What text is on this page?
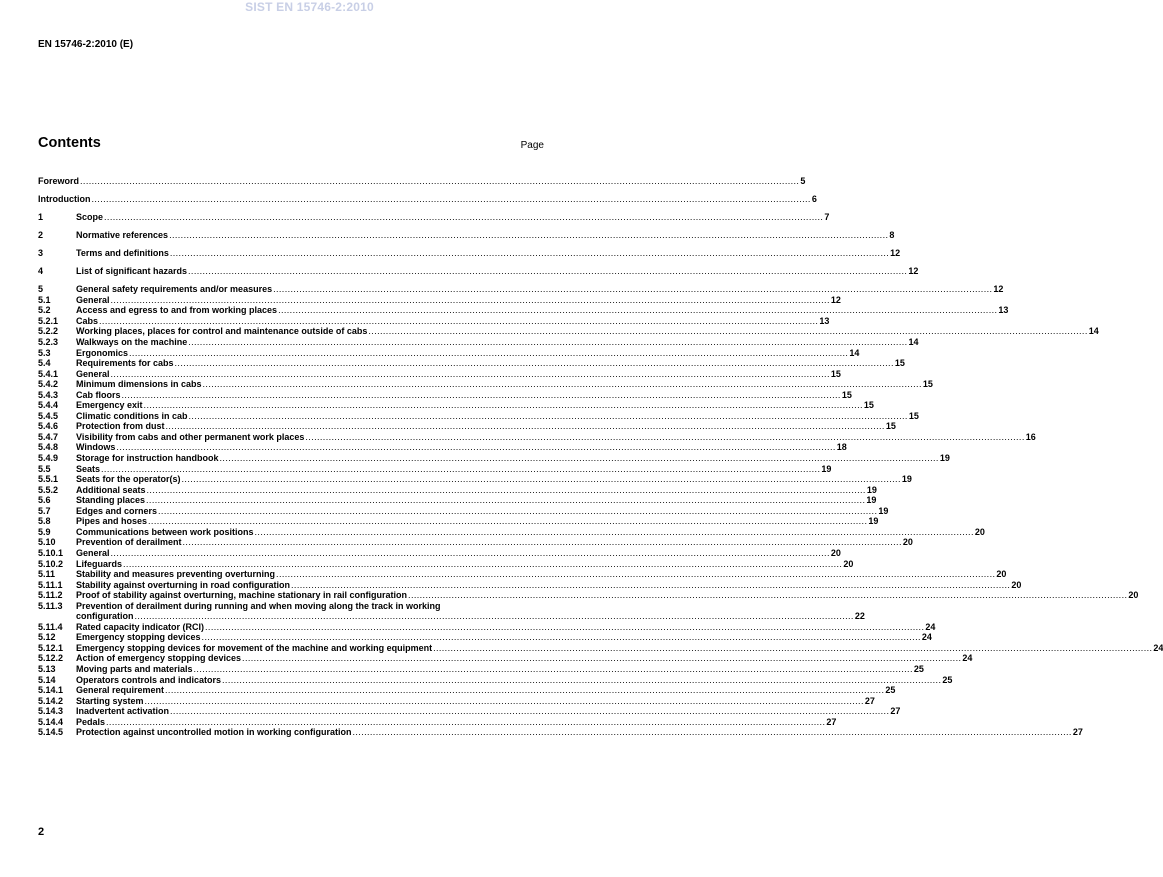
SIST EN 15746-2:2010
EN 15746-2:2010 (E)
Contents	Page
Foreword .....	5
Introduction .....	6
1	Scope .....	7
2	Normative references .....	8
3	Terms and definitions .....	12
4	List of significant hazards .....	12
5	General safety requirements and/or measures .....	12
5.1	General .....	12
5.2	Access and egress to and from working places .....	13
5.2.1	Cabs .....	13
5.2.2	Working places, places for control and maintenance outside of cabs .....	14
5.2.3	Walkways on the machine .....	14
5.3	Ergonomics .....	14
5.4	Requirements for cabs .....	15
5.4.1	General .....	15
5.4.2	Minimum dimensions in cabs .....	15
5.4.3	Cab floors .....	15
5.4.4	Emergency exit .....	15
5.4.5	Climatic conditions in cab .....	15
5.4.6	Protection from dust .....	15
5.4.7	Visibility from cabs and other permanent work places .....	16
5.4.8	Windows .....	18
5.4.9	Storage for instruction handbook .....	19
5.5	Seats .....	19
5.5.1	Seats for the operator(s) .....	19
5.5.2	Additional seats .....	19
5.6	Standing places .....	19
5.7	Edges and corners .....	19
5.8	Pipes and hoses .....	19
5.9	Communications between work positions .....	20
5.10	Prevention of derailment .....	20
5.10.1	General .....	20
5.10.2	Lifeguards .....	20
5.11	Stability and measures preventing overturning .....	20
5.11.1	Stability against overturning in road configuration .....	20
5.11.2	Proof of stability against overturning, machine stationary in rail configuration .....	20
5.11.3	Prevention of derailment during running and when moving along the track in working
configuration .....	22
5.11.4	Rated capacity indicator (RCI) .....	24
5.12	Emergency stopping devices .....	24
5.12.1	Emergency stopping devices for movement of the machine and working equipment .....	24
5.12.2	Action of emergency stopping devices .....	24
5.13	Moving parts and materials .....	25
5.14	Operators controls and indicators .....	25
5.14.1	General requirement .....	25
5.14.2	Starting system .....	27
5.14.3	Inadvertent activation .....	27
5.14.4	Pedals .....	27
5.14.5	Protection against uncontrolled motion in working configuration .....	27
2
